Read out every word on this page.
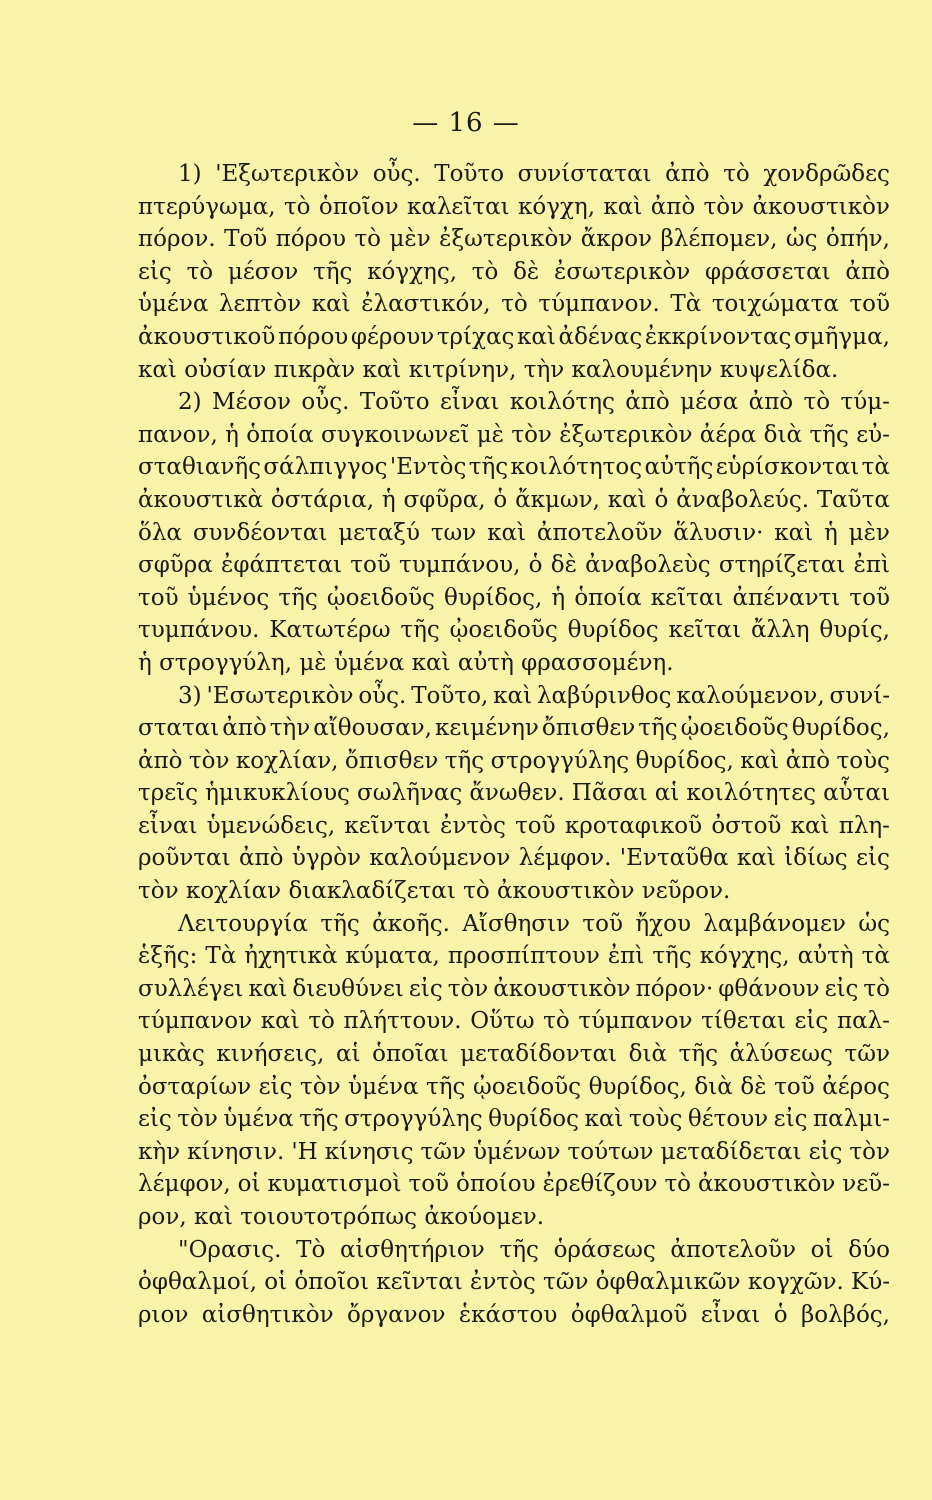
— 16 —
1) 'Εξωτερικὸν οὖς. Τοῦτο συνίσταται ἀπὸ τὸ χονδρῶδες
πτερύγωμα, τὸ ὁποῖον καλεῖται κόγχη, καὶ ἀπὸ τὸν ἀκουστικὸν
πόρον. Τοῦ πόρου τὸ μὲν ἐξωτερικὸν ἄκρον βλέπομεν, ὡς ὀπήν,
εἰς τὸ μέσον τῆς κόγχης, τὸ δὲ ἐσωτερικὸν φράσσεται ἀπὸ
ὑμένα λεπτὸν καὶ ἐλαστικόν, τὸ τύμπανον. Τὰ τοιχώματα τοῦ
ἀκουστικοῦ πόρου φέρουν τρίχας καὶ ἀδένας ἐκκρίνοντας σμῆγμα,
καὶ οὐσίαν πικρὰν καὶ κιτρίνην, τὴν καλουμένην κυψελίδα.
2) Μέσον οὖς. Τοῦτο εἶναι κοιλότης ἀπὸ μέσα ἀπὸ τὸ τύμ-
πανον, ἡ ὁποία συγκοινωνεῖ μὲ τὸν ἐξωτερικὸν ἀέρα διὰ τῆς εὐ-
σταθιανῆς σάλπιγγος 'Εντὸς τῆς κοιλότητος αὐτῆς εὑρίσκονται τὰ
ἀκουστικὰ ὀστάρια, ἡ σφῦρα, ὁ ἄκμων, καὶ ὁ ἀναβολεύς. Ταῦτα
ὅλα συνδέονται μεταξύ των καὶ ἀποτελοῦν ἅλυσιν· καὶ ἡ μὲν
σφῦρα ἐφάπτεται τοῦ τυμπάνου, ὁ δὲ ἀναβολεὺς στηρίζεται ἐπὶ
τοῦ ὑμένος τῆς ᾠοειδοῦς θυρίδος, ἡ ὁποία κεῖται ἀπέναντι τοῦ
τυμπάνου. Κατωτέρω τῆς ᾠοειδοῦς θυρίδος κεῖται ἄλλη θυρίς,
ἡ στρογγύλη, μὲ ὑμένα καὶ αὐτὴ φρασσομένη.
3) 'Εσωτερικὸν οὖς. Τοῦτο, καὶ λαβύρινθος καλούμενον, συνί-
σταται ἀπὸ τὴν αἴθουσαν, κειμένην ὄπισθεν τῆς ᾠοειδοῦς θυρίδος,
ἀπὸ τὸν κοχλίαν, ὄπισθεν τῆς στρογγύλης θυρίδος, καὶ ἀπὸ τοὺς
τρεῖς ἡμικυκλίους σωλῆνας ἄνωθεν. Πᾶσαι αἱ κοιλότητες αὗται
εἶναι ὑμενώδεις, κεῖνται ἐντὸς τοῦ κροταφικοῦ ὀστοῦ καὶ πλη-
ροῦνται ἀπὸ ὑγρὸν καλούμενον λέμφον. 'Ενταῦθα καὶ ἰδίως εἰς
τὸν κοχλίαν διακλαδίζεται τὸ ἀκουστικὸν νεῦρον.
Λειτουργία τῆς ἀκοῆς. Αἴσθησιν τοῦ ἤχου λαμβάνομεν ὡς
ἑξῆς: Τὰ ἠχητικὰ κύματα, προσπίπτουν ἐπὶ τῆς κόγχης, αὐτὴ τὰ
συλλέγει καὶ διευθύνει εἰς τὸν ἀκουστικὸν πόρον· φθάνουν εἰς τὸ
τύμπανον καὶ τὸ πλήττουν. Οὕτω τὸ τύμπανον τίθεται εἰς παλ-
μικὰς κινήσεις, αἱ ὁποῖαι μεταδίδονται διὰ τῆς ἁλύσεως τῶν
ὀσταρίων εἰς τὸν ὑμένα τῆς ᾠοειδοῦς θυρίδος, διὰ δὲ τοῦ ἀέρος
εἰς τὸν ὑμένα τῆς στρογγύλης θυρίδος καὶ τοὺς θέτουν εἰς παλμι-
κὴν κίνησιν. 'Η κίνησις τῶν ὑμένων τούτων μεταδίδεται εἰς τὸν
λέμφον, οἱ κυματισμοὶ τοῦ ὁποίου ἐρεθίζουν τὸ ἀκουστικὸν νεῦ-
ρον, καὶ τοιουτοτρόπως ἀκούομεν.
"Ορασις. Τὸ αἰσθητήριον τῆς ὁράσεως ἀποτελοῦν οἱ δύο
ὀφθαλμοί, οἱ ὁποῖοι κεῖνται ἐντὸς τῶν ὀφθαλμικῶν κογχῶν. Κύ-
ριον αἰσθητικὸν ὄργανον ἑκάστου ὀφθαλμοῦ εἶναι ὁ βολβός,
